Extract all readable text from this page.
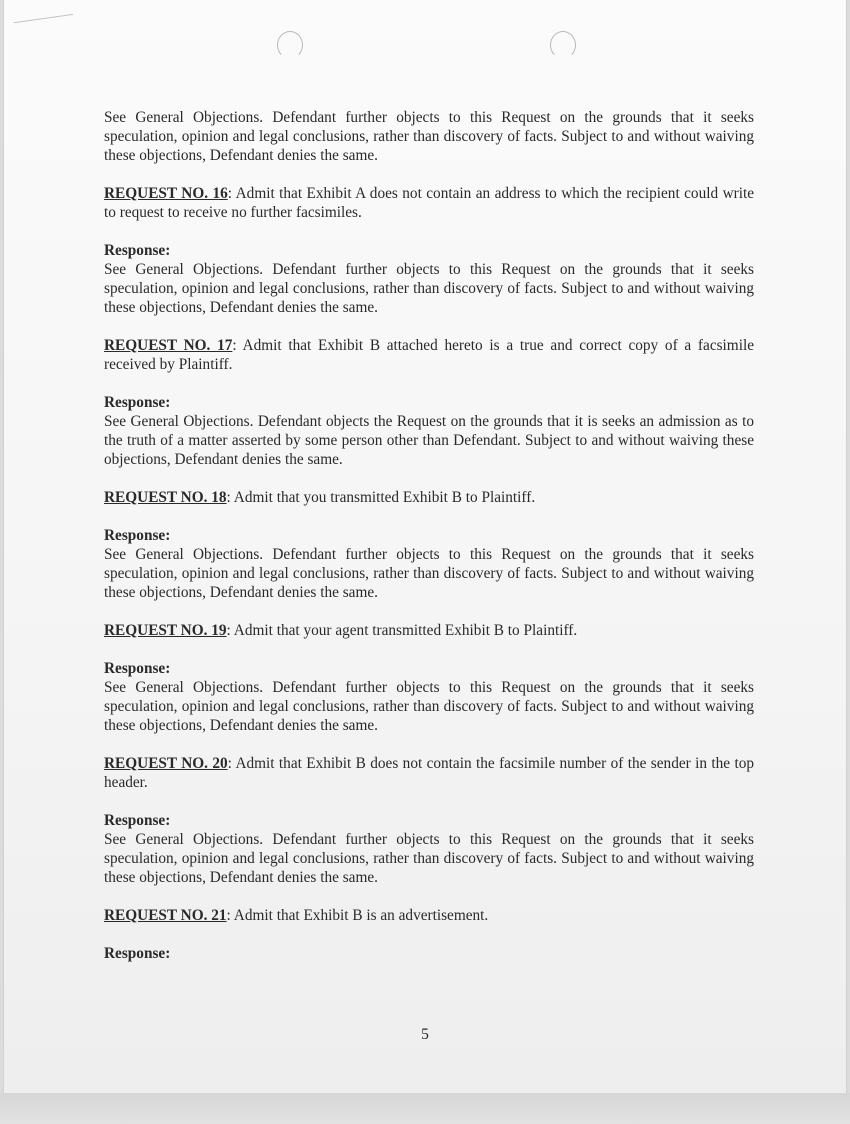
See General Objections. Defendant further objects to this Request on the grounds that it seeks speculation, opinion and legal conclusions, rather than discovery of facts. Subject to and without waiving these objections, Defendant denies the same.

REQUEST NO. 16: Admit that Exhibit A does not contain an address to which the recipient could write to request to receive no further facsimiles.

Response:

See General Objections. Defendant further objects to this Request on the grounds that it seeks speculation, opinion and legal conclusions, rather than discovery of facts. Subject to and without waiving these objections, Defendant denies the same.

REQUEST NO. 17: Admit that Exhibit B attached hereto is a true and correct copy of a facsimile received by Plaintiff.

Response:

See General Objections. Defendant objects the Request on the grounds that it is seeks an admission as to the truth of a matter asserted by some person other than Defendant. Subject to and without waiving these objections, Defendant denies the same.

REQUEST NO. 18: Admit that you transmitted Exhibit B to Plaintiff.

Response:

See General Objections. Defendant further objects to this Request on the grounds that it seeks speculation, opinion and legal conclusions, rather than discovery of facts. Subject to and without waiving these objections, Defendant denies the same.

REQUEST NO. 19: Admit that your agent transmitted Exhibit B to Plaintiff.

Response:

See General Objections. Defendant further objects to this Request on the grounds that it seeks speculation, opinion and legal conclusions, rather than discovery of facts. Subject to and without waiving these objections, Defendant denies the same.

REQUEST NO. 20: Admit that Exhibit B does not contain the facsimile number of the sender in the top header.

Response:

See General Objections. Defendant further objects to this Request on the grounds that it seeks speculation, opinion and legal conclusions, rather than discovery of facts. Subject to and without waiving these objections, Defendant denies the same.

REQUEST NO. 21: Admit that Exhibit B is an advertisement.

Response:
5
